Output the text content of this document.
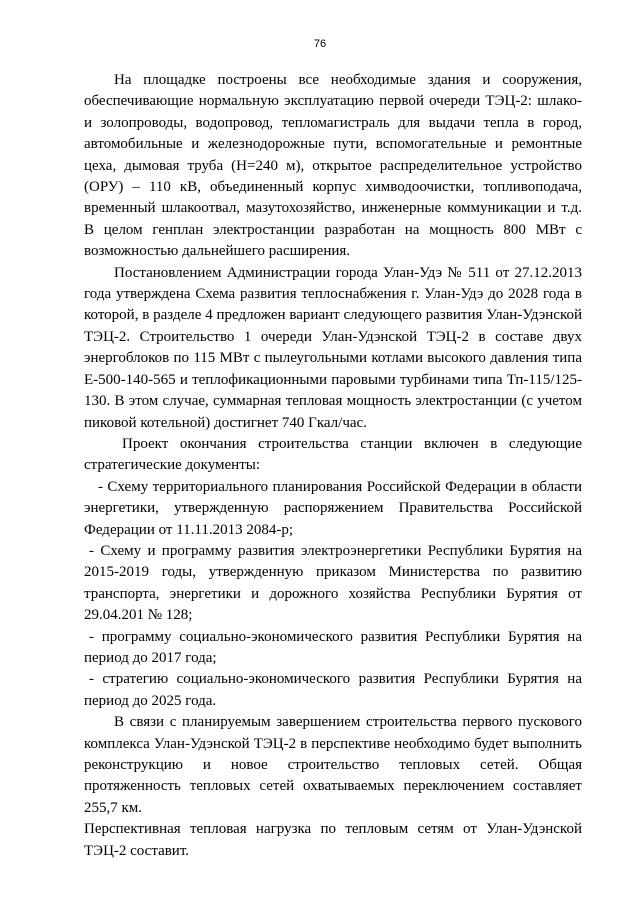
76

На площадке построены все необходимые здания и сооружения, обеспечивающие нормальную эксплуатацию первой очереди ТЭЦ-2: шлако- и золопроводы, водопровод, тепломагистраль для выдачи тепла в город, автомобильные и железнодорожные пути, вспомогательные и ремонтные цеха, дымовая труба (Н=240 м), открытое распределительное устройство (ОРУ) – 110 кВ, объединенный корпус химводоочистки, топливоподача, временный шлакоотвал, мазутохозяйство, инженерные коммуникации и т.д. В целом генплан электростанции разработан на мощность 800 МВт с возможностью дальнейшего расширения.

Постановлением Администрации города Улан-Удэ № 511 от 27.12.2013 года утверждена Схема развития теплоснабжения г. Улан-Удэ до 2028 года в которой, в разделе 4 предложен вариант следующего развития Улан-Удэнской ТЭЦ-2. Строительство 1 очереди Улан-Удэнской ТЭЦ-2 в составе двух энергоблоков по 115 МВт с пылеугольными котлами высокого давления типа Е-500-140-565 и теплофикационными паровыми турбинами типа Тп-115/125-130. В этом случае, суммарная тепловая мощность электростанции (с учетом пиковой котельной) достигнет 740 Гкал/час.

Проект окончания строительства станции включен в следующие стратегические документы:

- Схему территориального планирования Российской Федерации в области энергетики, утвержденную распоряжением Правительства Российской Федерации от 11.11.2013 2084-р;

- Схему и программу развития электроэнергетики Республики Бурятия на 2015-2019 годы, утвержденную приказом Министерства по развитию транспорта, энергетики и дорожного хозяйства Республики Бурятия от 29.04.201 № 128;

- программу социально-экономического развития Республики Бурятия на период до 2017 года;

- стратегию социально-экономического развития Республики Бурятия на период до 2025 года.

В связи с планируемым завершением строительства первого пускового комплекса Улан-Удэнской ТЭЦ-2 в перспективе необходимо будет выполнить реконструкцию и новое строительство тепловых сетей. Общая протяженность тепловых сетей охватываемых переключением составляет 255,7 км.

Перспективная тепловая нагрузка по тепловым сетям от Улан-Удэнской ТЭЦ-2 составит.
